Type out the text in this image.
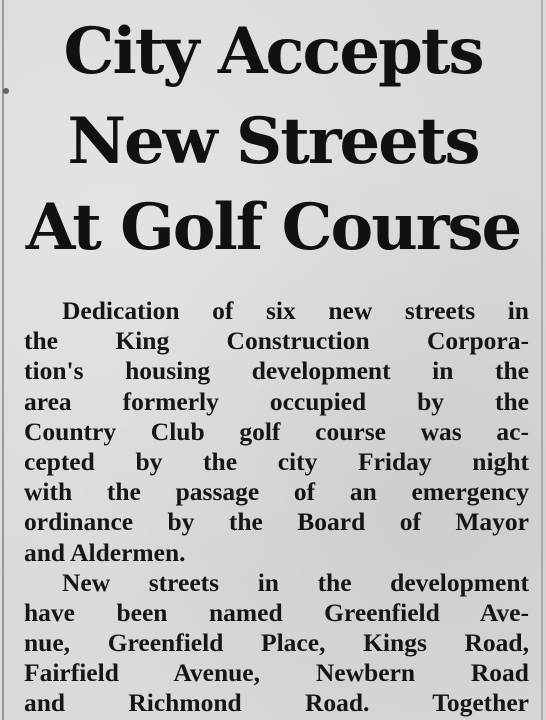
City Accepts
New Streets
At Golf Course
Dedication of six new streets in
the King Construction Corpora-
tion's housing development in the
area formerly occupied by the
Country Club golf course was ac-
cepted by the city Friday night
with the passage of an emergency
ordinance by the Board of Mayor
and Aldermen.
New streets in the development
have been named Greenfield Ave-
nue, Greenfield Place, Kings Road,
Fairfield Avenue, Newbern Road
and Richmond Road. Together
